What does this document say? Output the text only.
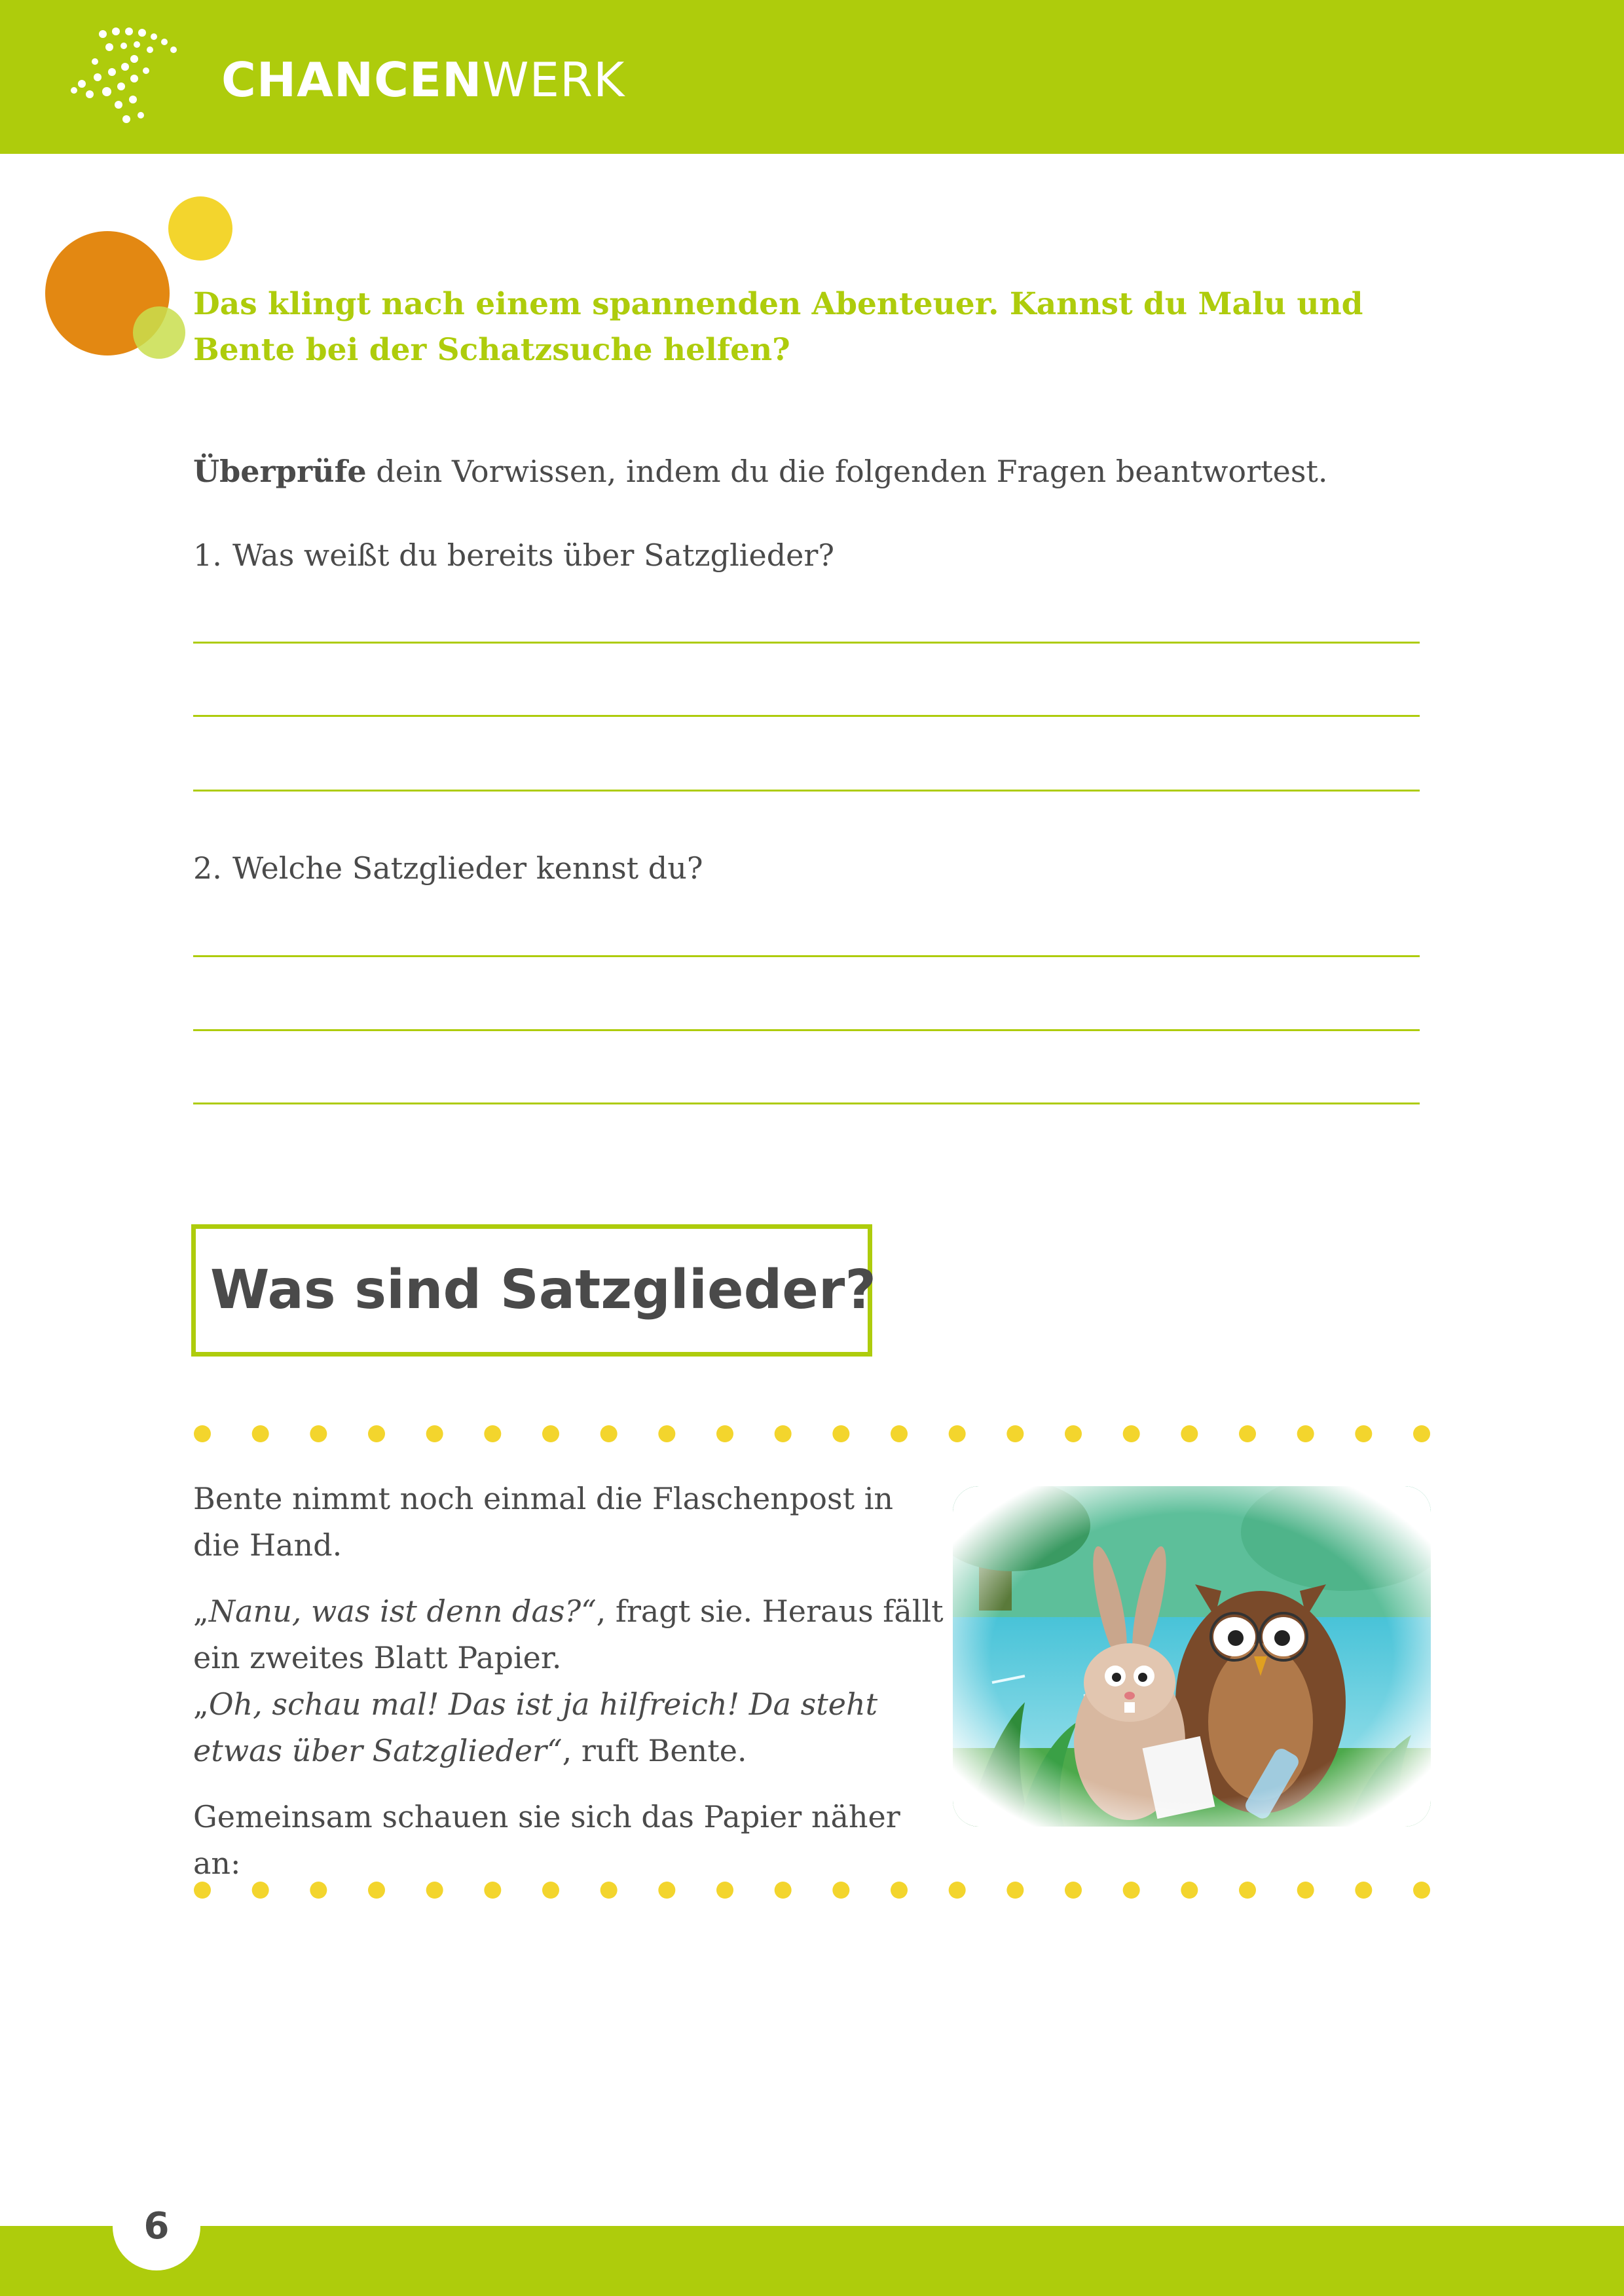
CHANCENWERK
Das klingt nach einem spannenden Abenteuer. Kannst du Malu und Bente bei der Schatzsuche helfen?
Überprüfe dein Vorwissen, indem du die folgenden Fragen beantwortest.
1. Was weißt du bereits über Satzglieder?
2. Welche Satzglieder kennst du?
Was sind Satzglieder?

Bente nimmt noch einmal die Flaschenpost in die Hand.

„Nanu, was ist denn das?“, fragt sie. Heraus fällt ein zweites Blatt Papier.

„Oh, schau mal! Das ist ja hilfreich! Da steht etwas über Satzglieder“, ruft Bente.

Gemeinsam schauen sie sich das Papier näher an:

6
